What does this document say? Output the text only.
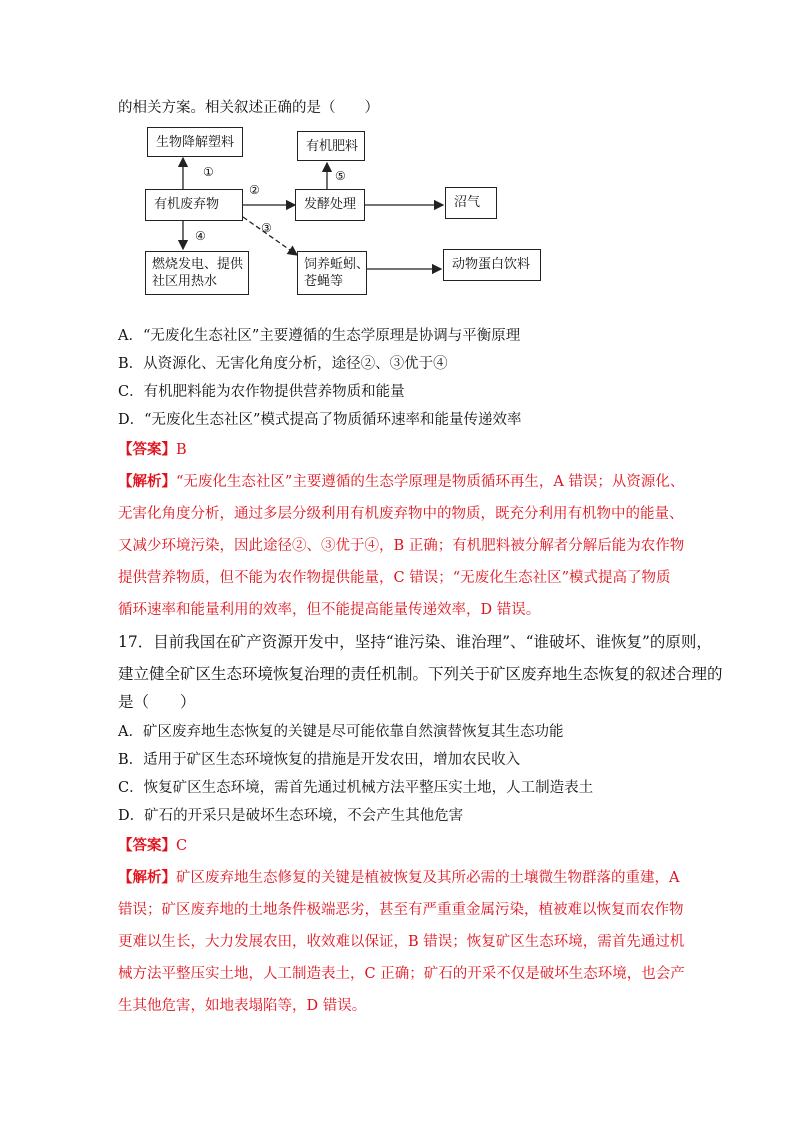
的相关方案。相关叙述正确的是（　　）
生物降解塑料	有机肥料
有机废弃物	发酵处理	沼气
燃烧发电、提供
社区用热水
饲养蚯蚓、
苍蝇等
动物蛋白饮料
①
②
③
④
⑤
A．“无废化生态社区”主要遵循的生态学原理是协调与平衡原理
B．从资源化、无害化角度分析，途径②、③优于④
C．有机肥料能为农作物提供营养物质和能量
D．“无废化生态社区”模式提高了物质循环速率和能量传递效率
【答案】B
【解析】“无废化生态社区”主要遵循的生态学原理是物质循环再生，A 错误；从资源化、
无害化角度分析，通过多层分级利用有机废弃物中的物质，既充分利用有机物中的能量、
又减少环境污染，因此途径②、③优于④，B 正确；有机肥料被分解者分解后能为农作物
提供营养物质，但不能为农作物提供能量，C 错误；“无废化生态社区”模式提高了物质
循环速率和能量利用的效率，但不能提高能量传递效率，D 错误。
17．目前我国在矿产资源开发中，坚持“谁污染、谁治理”、“谁破坏、谁恢复”的原则，
建立健全矿区生态环境恢复治理的责任机制。下列关于矿区废弃地生态恢复的叙述合理的
是（　　）
A．矿区废弃地生态恢复的关键是尽可能依靠自然演替恢复其生态功能
B．适用于矿区生态环境恢复的措施是开发农田，增加农民收入
C．恢复矿区生态环境，需首先通过机械方法平整压实土地，人工制造表土
D．矿石的开采只是破坏生态环境，不会产生其他危害
【答案】C
【解析】矿区废弃地生态修复的关键是植被恢复及其所必需的土壤微生物群落的重建，A
错误；矿区废弃地的土地条件极端恶劣，甚至有严重重金属污染，植被难以恢复而农作物
更难以生长，大力发展农田，收效难以保证，B 错误；恢复矿区生态环境，需首先通过机
械方法平整压实土地，人工制造表土，C 正确；矿石的开采不仅是破坏生态环境，也会产
生其他危害，如地表塌陷等，D 错误。
